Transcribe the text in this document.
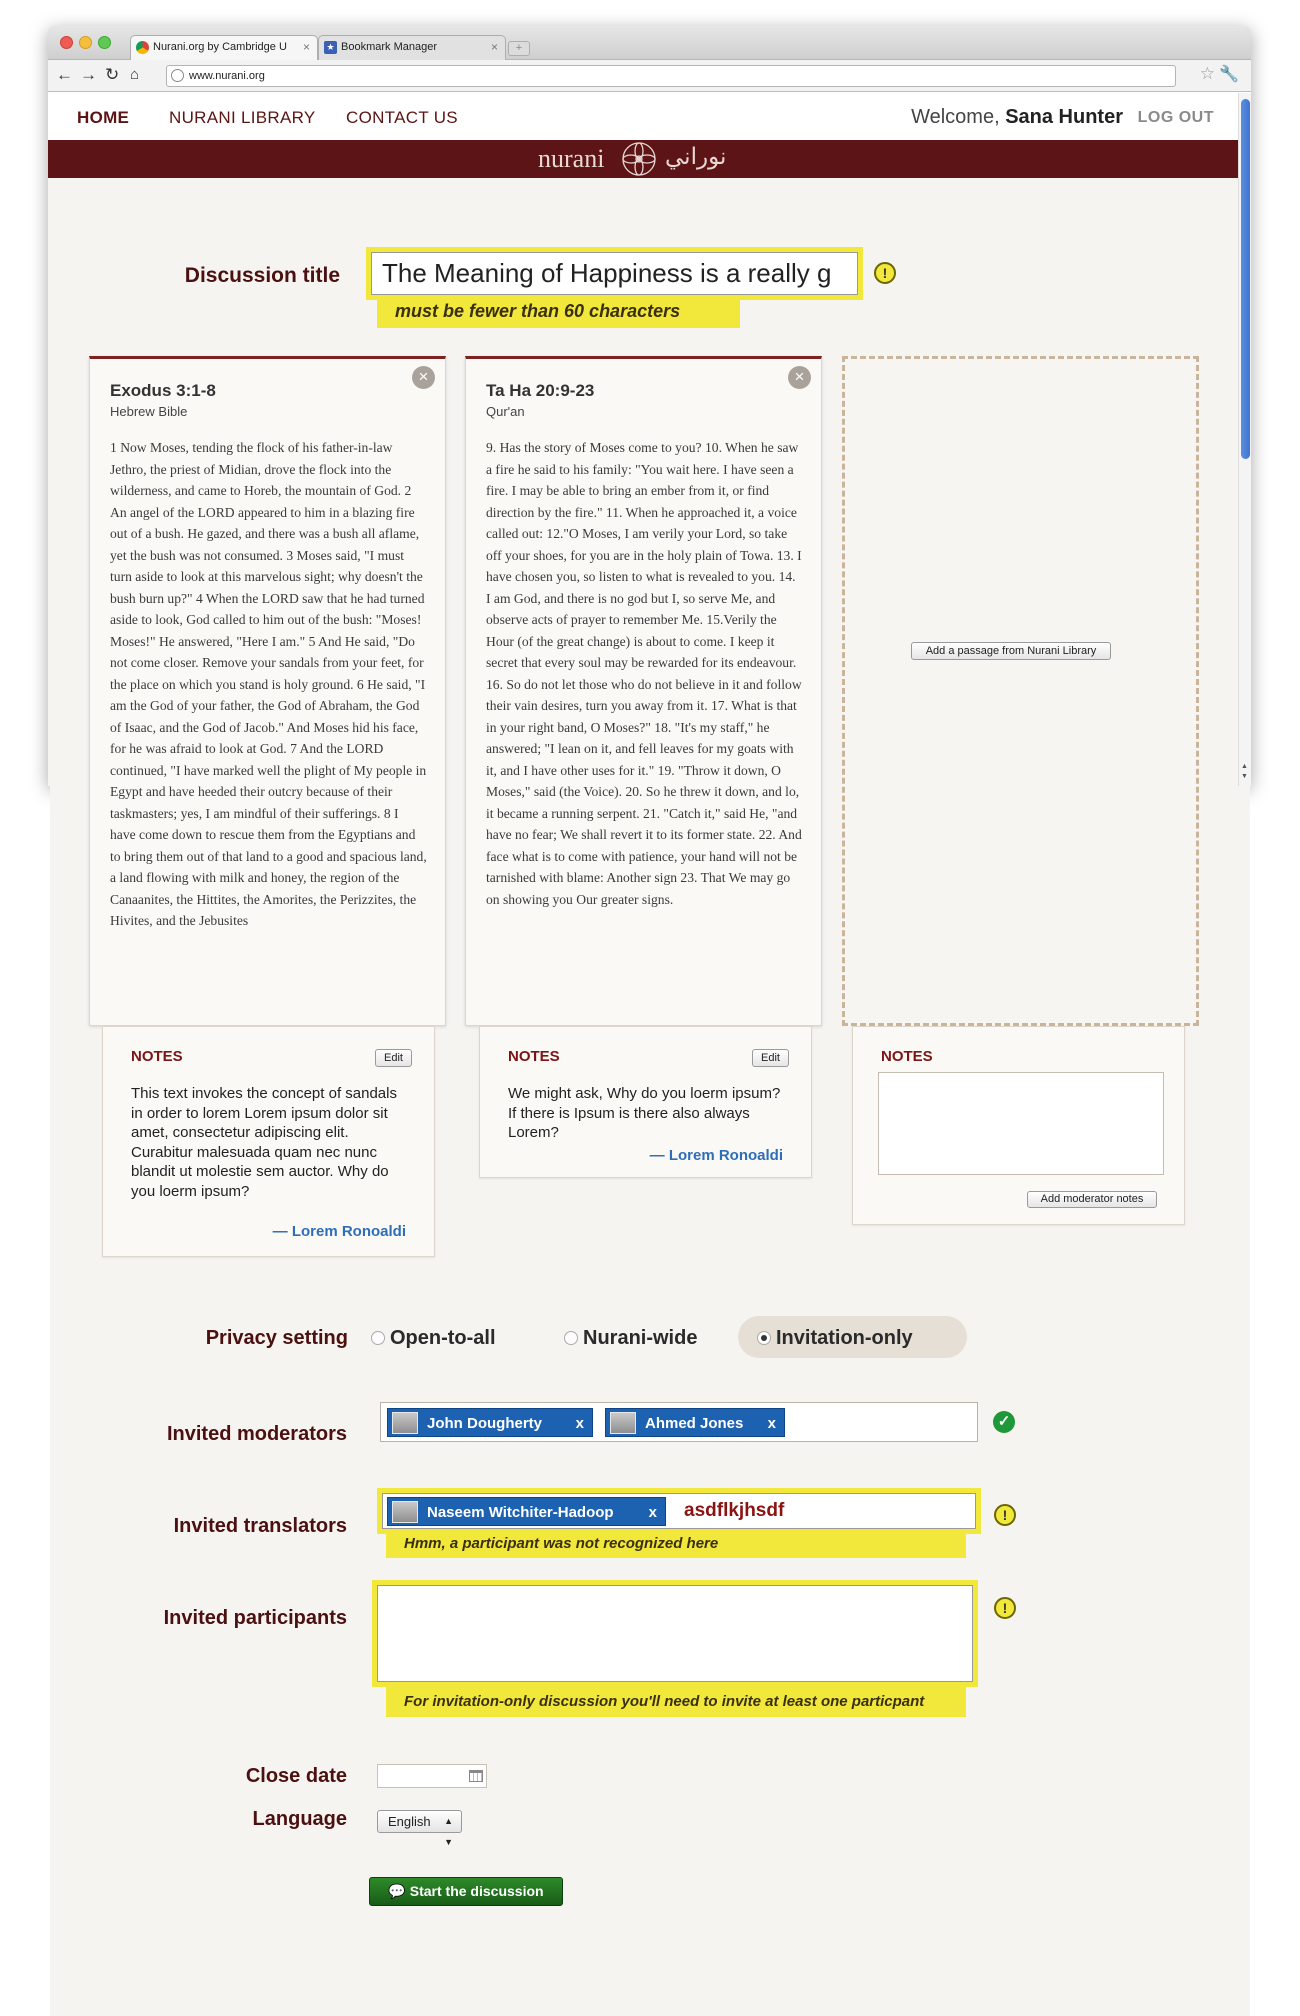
Nurani.org by Cambridge U × ★ Bookmark Manager	×	+
← → ↻ ⌂	www.nurani.org	☆ 🔧
HOME NURANI LIBRARY CONTACT US	Welcome, Sana Hunter LOG OUT
nurani	نوراني
▲
▼
Discussion title
The Meaning of Happiness is a really g	!
must be fewer than 60 characters
×
Exodus 3:1-8
Hebrew Bible
1 Now Moses, tending the flock of his father-in-law Jethro, the priest of Midian, drove the flock into the wilderness, and came to Horeb, the mountain of God. 2 An angel of the LORD appeared to him in a blazing fire out of a bush. He gazed, and there was a bush all aflame, yet the bush was not consumed. 3 Moses said, "I must turn aside to look at this marvelous sight; why doesn't the bush burn up?" 4 When the LORD saw that he had turned aside to look, God called to him out of the bush: "Moses! Moses!" He answered, "Here I am." 5 And He said, "Do not come closer. Remove your sandals from your feet, for the place on which you stand is holy ground. 6 He said, "I am the God of your father, the God of Abraham, the God of Isaac, and the God of Jacob." And Moses hid his face, for he was afraid to look at God. 7 And the LORD continued, "I have marked well the plight of My people in Egypt and have heeded their outcry because of their taskmasters; yes, I am mindful of their sufferings. 8 I have come down to rescue them from the Egyptians and to bring them out of that land to a good and spacious land, a land flowing with milk and honey, the region of the Canaanites, the Hittites, the Amorites, the Perizzites, the Hivites, and the Jebusites
×
Ta Ha 20:9-23
Qur'an
9. Has the story of Moses come to you? 10. When he saw a fire he said to his family: "You wait here. I have seen a fire. I may be able to bring an ember from it, or find direction by the fire." 11. When he approached it, a voice called out: 12."O Moses, I am verily your Lord, so take off your shoes, for you are in the holy plain of Towa. 13. I have chosen you, so listen to what is revealed to you. 14. I am God, and there is no god but I, so serve Me, and observe acts of prayer to remember Me. 15.Verily the Hour (of the great change) is about to come. I keep it secret that every soul may be rewarded for its endeavour. 16. So do not let those who do not believe in it and follow their vain desires, turn you away from it. 17. What is that in your right band, O Moses?" 18. "It's my staff," he answered; "I lean on it, and fell leaves for my goats with it, and I have other uses for it." 19. "Throw it down, O Moses," said (the Voice). 20. So he threw it down, and lo, it became a running serpent. 21. "Catch it," said He, "and have no fear; We shall revert it to its former state. 22. And face what is to come with patience, your hand will not be tarnished with blame: Another sign 23. That We may go on showing you Our greater signs.
Add a passage from Nurani Library
NOTES	Edit
This text invokes the concept of sandals in order to lorem Lorem ipsum dolor sit amet, consectetur adipiscing elit. Curabitur malesuada quam nec nunc blandit ut molestie sem auctor. Why do you loerm ipsum?
— Lorem Ronoaldi
NOTES	Edit
We might ask, Why do you loerm ipsum? If there is Ipsum is there also always Lorem?
— Lorem Ronoaldi
NOTES
Add moderator notes
Privacy setting	Open-to-all	Nurani-wide	Invitation-only
Invited moderators	John Dougherty x	Ahmed Jones x	✓
Invited translators
Naseem Witchiter-Hadoop x asdflkjhsdf	!
Hmm, a participant was not recognized here
Invited participants	!
For invitation-only discussion you'll need to invite at least one particpant
Close date
Language	English ▲
▼
💬 Start the discussion
